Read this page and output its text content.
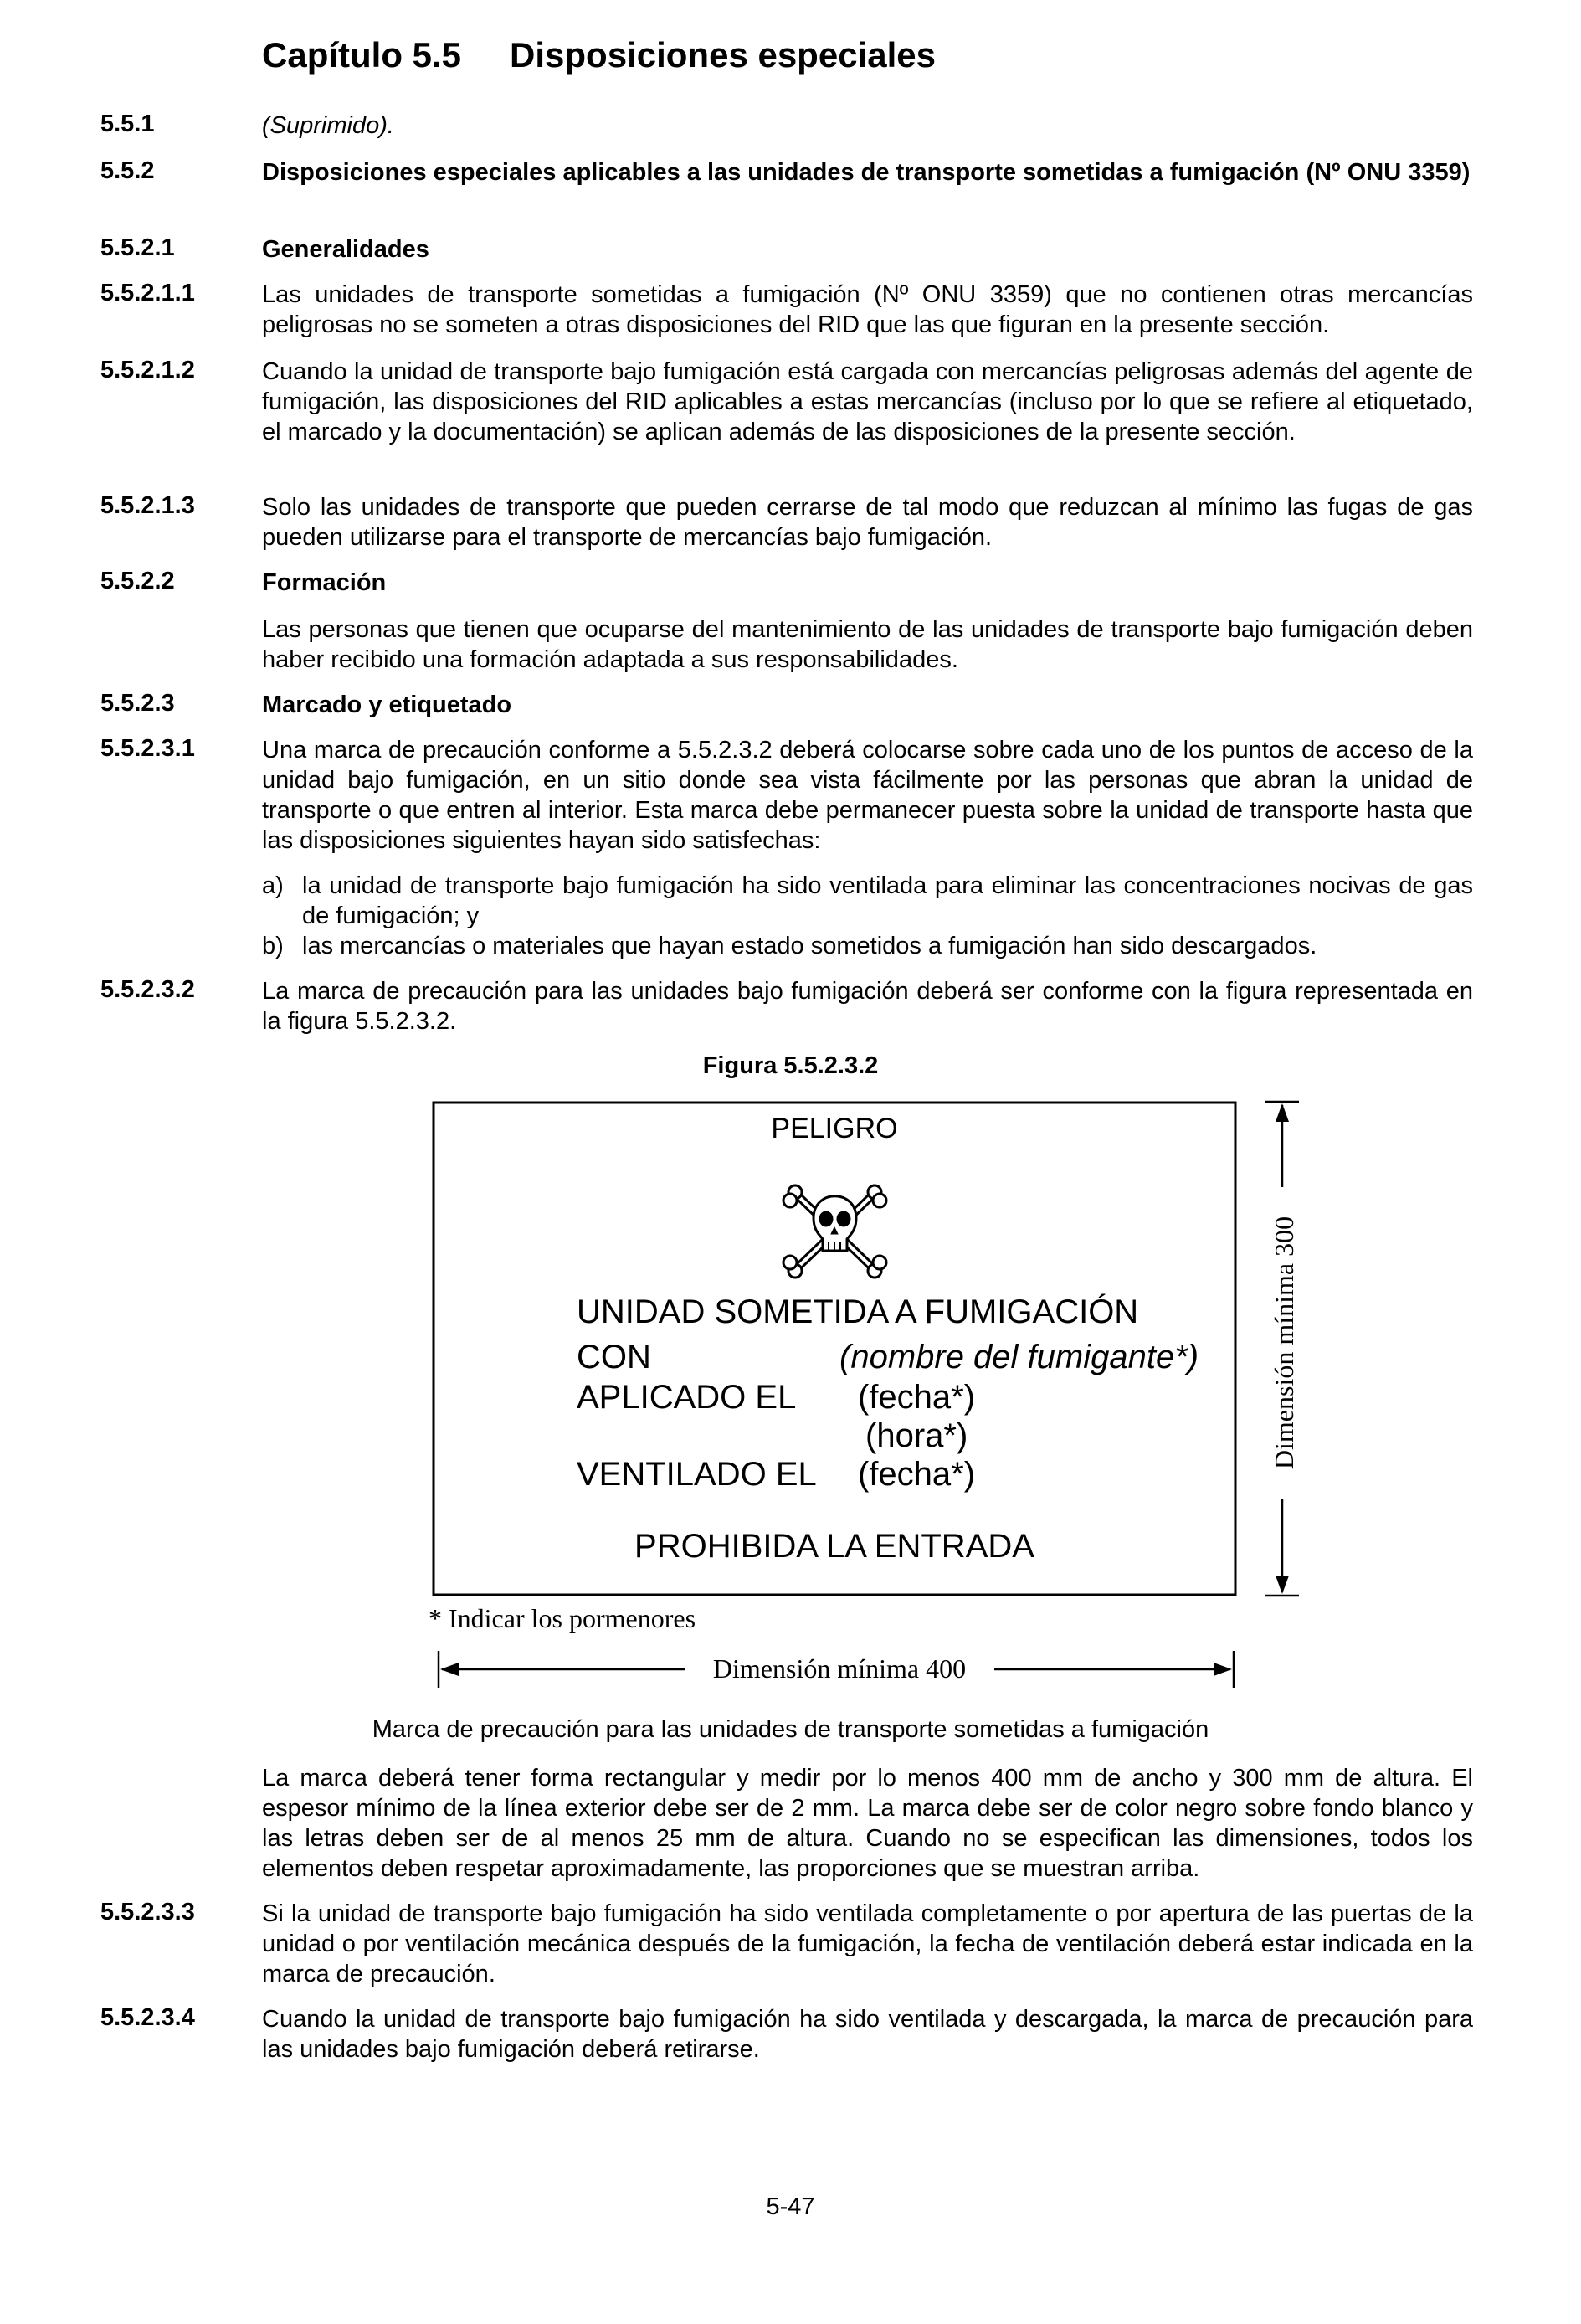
Capítulo 5.5 Disposiciones especiales
5.5.1	(Suprimido).
5.5.2	Disposiciones especiales aplicables a las unidades de transporte sometidas a fumigación (Nº ONU 3359)
5.5.2.1	Generalidades
5.5.2.1.1	Las unidades de transporte sometidas a fumigación (Nº ONU 3359) que no contienen otras mercancías peligrosas no se someten a otras disposiciones del RID que las que figuran en la presente sección.
5.5.2.1.2	Cuando la unidad de transporte bajo fumigación está cargada con mercancías peligrosas además del agente de fumigación, las disposiciones del RID aplicables a estas mercancías (incluso por lo que se refiere al etiquetado, el marcado y la documentación) se aplican además de las disposiciones de la presente sección.
5.5.2.1.3	Solo las unidades de transporte que pueden cerrarse de tal modo que reduzcan al mínimo las fugas de gas pueden utilizarse para el transporte de mercancías bajo fumigación.
5.5.2.2	Formación
Las personas que tienen que ocuparse del mantenimiento de las unidades de transporte bajo fumigación deben haber recibido una formación adaptada a sus responsabilidades.
5.5.2.3	Marcado y etiquetado
5.5.2.3.1	Una marca de precaución conforme a 5.5.2.3.2 deberá colocarse sobre cada uno de los puntos de acceso de la unidad bajo fumigación, en un sitio donde sea vista fácilmente por las personas que abran la unidad de transporte o que entren al interior. Esta marca debe permanecer puesta sobre la unidad de transporte hasta que las disposiciones siguientes hayan sido satisfechas:
a) la unidad de transporte bajo fumigación ha sido ventilada para eliminar las concentraciones nocivas de gas de fumigación; y
b) las mercancías o materiales que hayan estado sometidos a fumigación han sido descargados.
5.5.2.3.2	La marca de precaución para las unidades bajo fumigación deberá ser conforme con la figura representada en la figura 5.5.2.3.2.
Figura 5.5.2.3.2
PELIGRO
UNIDAD SOMETIDA A FUMIGACIÓN
CON	(nombre del fumigante*)
APLICADO EL (fecha*)
(hora*)
VENTILADO EL (fecha*)
PROHIBIDA LA ENTRADA
Dimensión mínima 300
* Indicar los pormenores
Dimensión mínima 400
Marca de precaución para las unidades de transporte sometidas a fumigación
La marca deberá tener forma rectangular y medir por lo menos 400 mm de ancho y 300 mm de altura. El espesor mínimo de la línea exterior debe ser de 2 mm. La marca debe ser de color negro sobre fondo blanco y las letras deben ser de al menos 25 mm de altura. Cuando no se especifican las dimensiones, todos los elementos deben respetar aproximadamente, las proporciones que se muestran arriba.
5.5.2.3.3	Si la unidad de transporte bajo fumigación ha sido ventilada completamente o por apertura de las puertas de la unidad o por ventilación mecánica después de la fumigación, la fecha de ventilación deberá estar indicada en la marca de precaución.
5.5.2.3.4	Cuando la unidad de transporte bajo fumigación ha sido ventilada y descargada, la marca de precaución para las unidades bajo fumigación deberá retirarse.
5-47
